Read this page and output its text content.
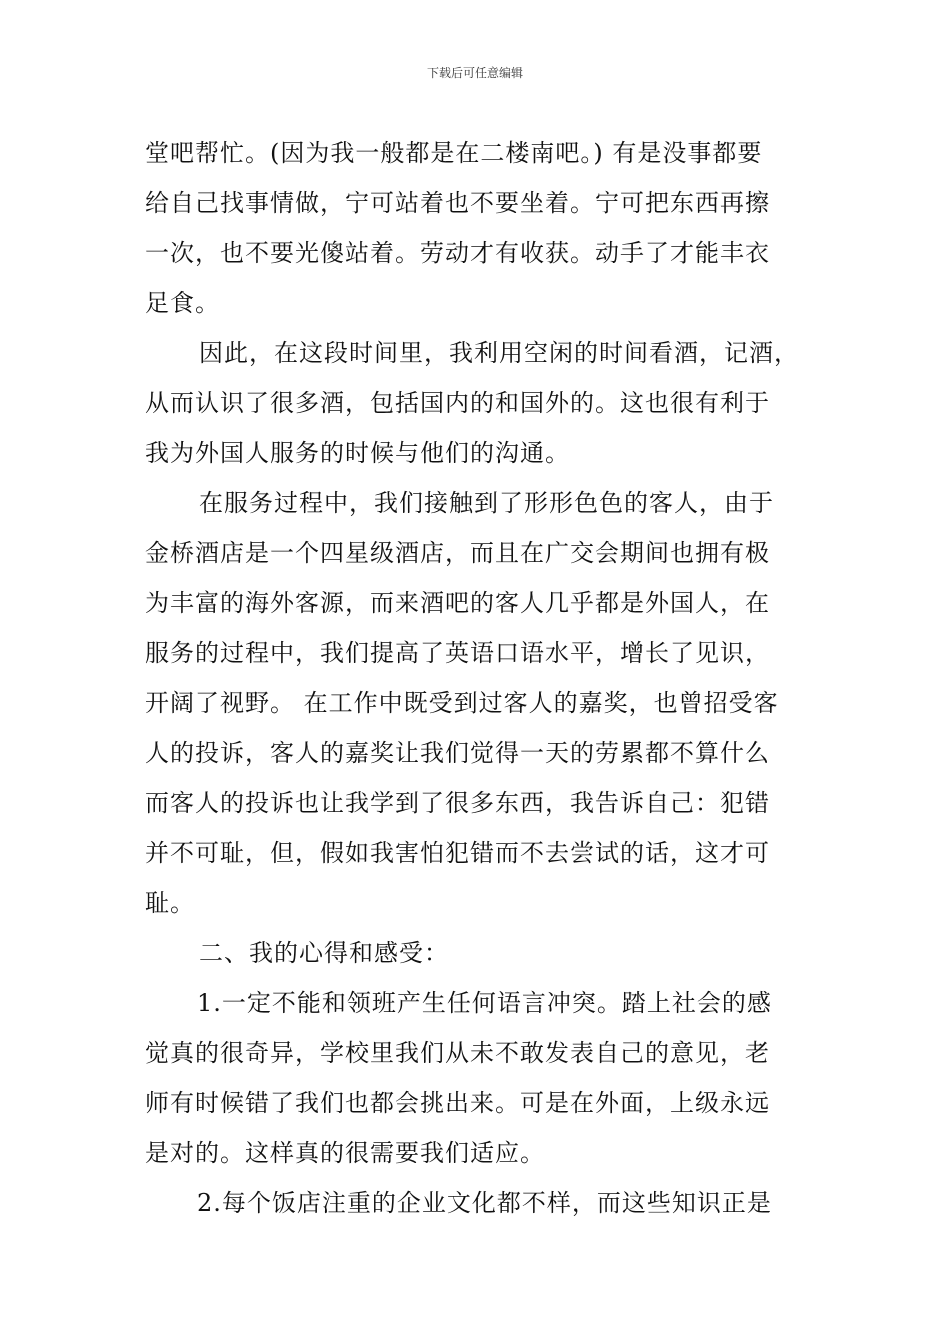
下载后可任意编辑
堂吧帮忙。(因为我一般都是在二楼南吧。) 有是没事都要
给自己找事情做，宁可站着也不要坐着。宁可把东西再擦
一次，也不要光傻站着。劳动才有收获。动手了才能丰衣
足食。
因此，在这段时间里，我利用空闲的时间看酒，记酒，
从而认识了很多酒，包括国内的和国外的。这也很有利于
我为外国人服务的时候与他们的沟通。
在服务过程中，我们接触到了形形色色的客人，由于
金桥酒店是一个四星级酒店，而且在广交会期间也拥有极
为丰富的海外客源，而来酒吧的客人几乎都是外国人，在
服务的过程中，我们提高了英语口语水平，增长了见识，
开阔了视野。 在工作中既受到过客人的嘉奖，也曾招受客
人的投诉，客人的嘉奖让我们觉得一天的劳累都不算什么
而客人的投诉也让我学到了很多东西，我告诉自己：犯错
并不可耻，但，假如我害怕犯错而不去尝试的话，这才可
耻。
二、我的心得和感受：
1.一定不能和领班产生任何语言冲突。踏上社会的感
觉真的很奇异，学校里我们从未不敢发表自己的意见，老
师有时候错了我们也都会挑出来。可是在外面，上级永远
是对的。这样真的很需要我们适应。
2.每个饭店注重的企业文化都不样，而这些知识正是
